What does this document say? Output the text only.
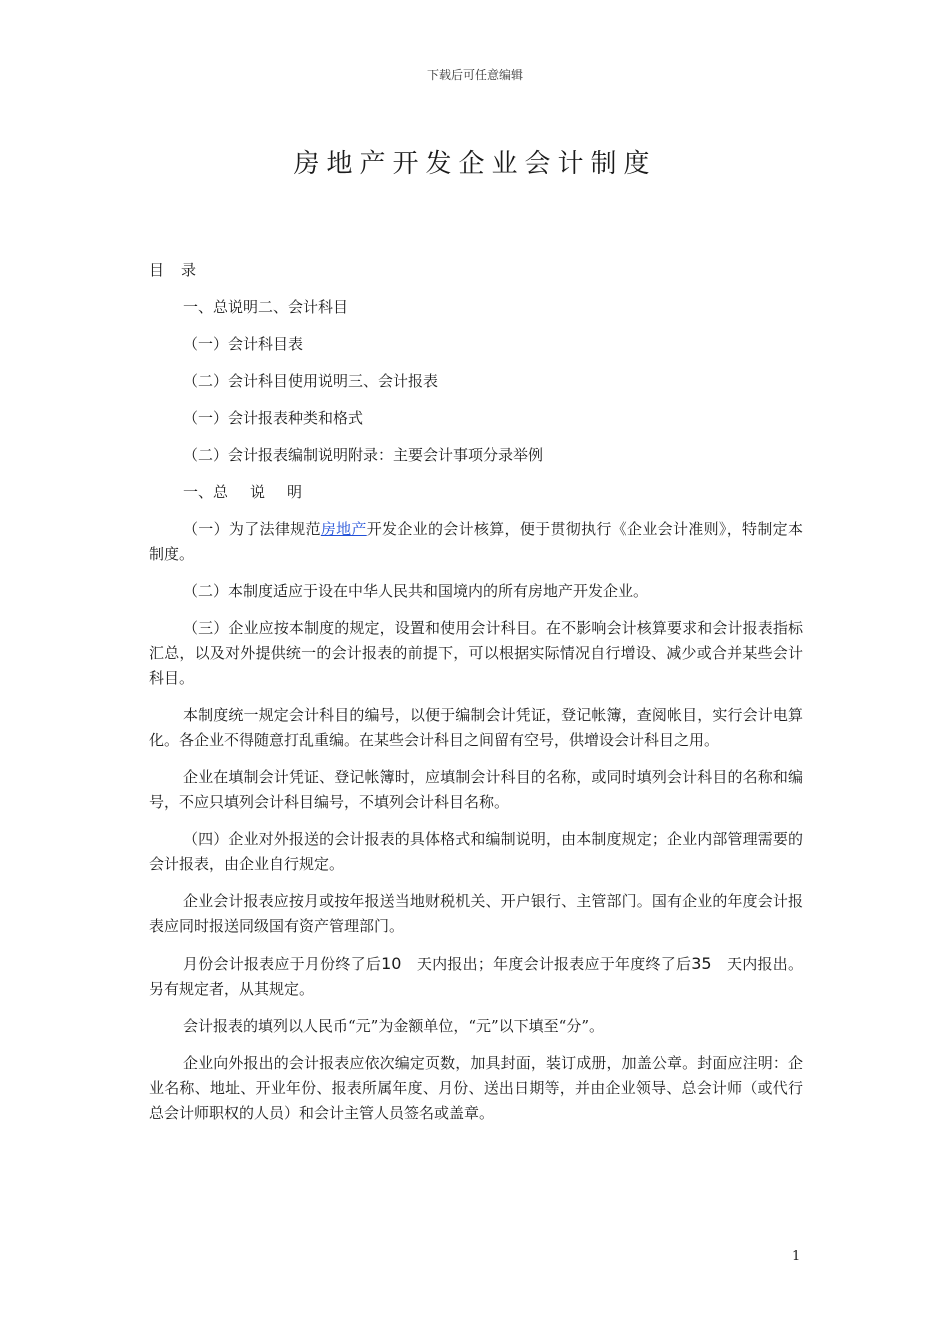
下载后可任意编辑
房地产开发企业会计制度

目 录

一、总说明二、会计科目

（一）会计科目表

（二）会计科目使用说明三、会计报表

（一）会计报表种类和格式

（二）会计报表编制说明附录：主要会计事项分录举例

一、总 说 明

（一）为了法律规范房地产开发企业的会计核算，便于贯彻执行《企业会计准则》，特制定本制度。

（二）本制度适应于设在中华人民共和国境内的所有房地产开发企业。

（三）企业应按本制度的规定，设置和使用会计科目。在不影响会计核算要求和会计报表指标汇总，以及对外提供统一的会计报表的前提下，可以根据实际情况自行增设、减少或合并某些会计科目。

本制度统一规定会计科目的编号，以便于编制会计凭证，登记帐簿，查阅帐目，实行会计电算化。各企业不得随意打乱重编。在某些会计科目之间留有空号，供增设会计科目之用。

企业在填制会计凭证、登记帐簿时，应填制会计科目的名称，或同时填列会计科目的名称和编号，不应只填列会计科目编号，不填列会计科目名称。

（四）企业对外报送的会计报表的具体格式和编制说明，由本制度规定；企业内部管理需要的会计报表，由企业自行规定。

企业会计报表应按月或按年报送当地财税机关、开户银行、主管部门。国有企业的年度会计报表应同时报送同级国有资产管理部门。

月份会计报表应于月份终了后10　天内报出；年度会计报表应于年度终了后35　天内报出。另有规定者，从其规定。

会计报表的填列以人民币“元”为金额单位，“元”以下填至“分”。

企业向外报出的会计报表应依次编定页数，加具封面，装订成册，加盖公章。封面应注明：企业名称、地址、开业年份、报表所属年度、月份、送出日期等，并由企业领导、总会计师（或代行总会计师职权的人员）和会计主管人员签名或盖章。

1
